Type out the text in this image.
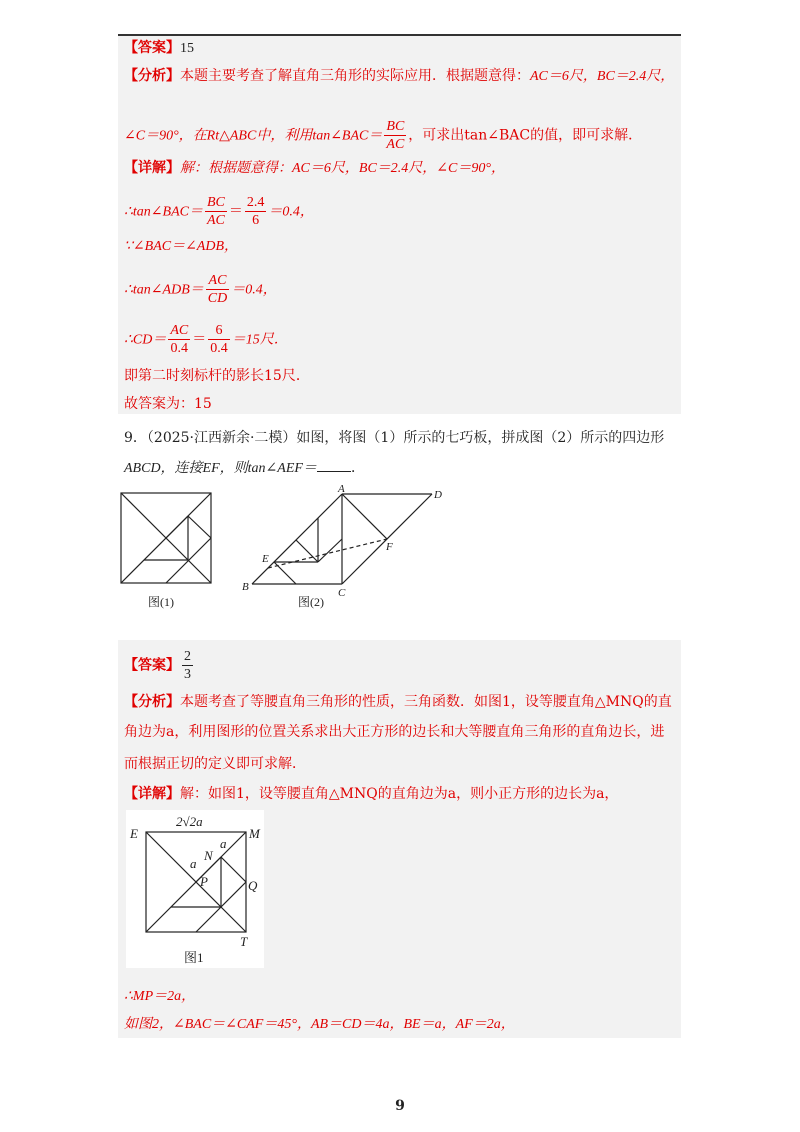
【答案】15
【分析】本题主要考查了解直角三角形的实际应用．根据题意得：AC＝6尺，BC＝2.4尺，
∠C＝90°，在Rt△ABC中，利用tan∠BAC＝ $\frac{BC}{AC}$ ，可求出tan∠BAC的值，即可求解．
【详解】解：根据题意得：AC＝6尺，BC＝2.4尺，∠C＝90°，
∴tan∠BAC＝ $\frac{BC}{AC} = \frac{2.4}{6} =0.4$，
∵∠BAC＝∠ADB，
∴tan∠ADB＝ $\frac{AC}{CD} =0.4$，
∴CD＝ $\frac{AC}{0.4} = \frac{6}{0.4} =15$尺．
即第二时刻标杆的影长15尺．
故答案为：15
9．（2025·江西新余·二模）如图，将图（1）所示的七巧板，拼成图（2）所示的四边形
ABCD，连接EF，则tan∠AEF＝ ．
图(1)
A	D
E
F
B	C
图(2)
【答案】 $\frac{2}{3}$
【分析】本题考查了等腰直角三角形的性质，三角函数．如图1，设等腰直角△MNQ的直
角边为a，利用图形的位置关系求出大正方形的边长和大等腰直角三角形的直角边长，进
而根据正切的定义即可求解．
【详解】解：如图1，设等腰直角△MNQ的直角边为a，则小正方形的边长为a，
2√2a
E	M
a
N
a
P	Q
T
图1
∴MP＝2a，
如图2，∠BAC＝∠CAF＝45°，AB＝CD＝4a，BE＝a，AF＝2a，
9
